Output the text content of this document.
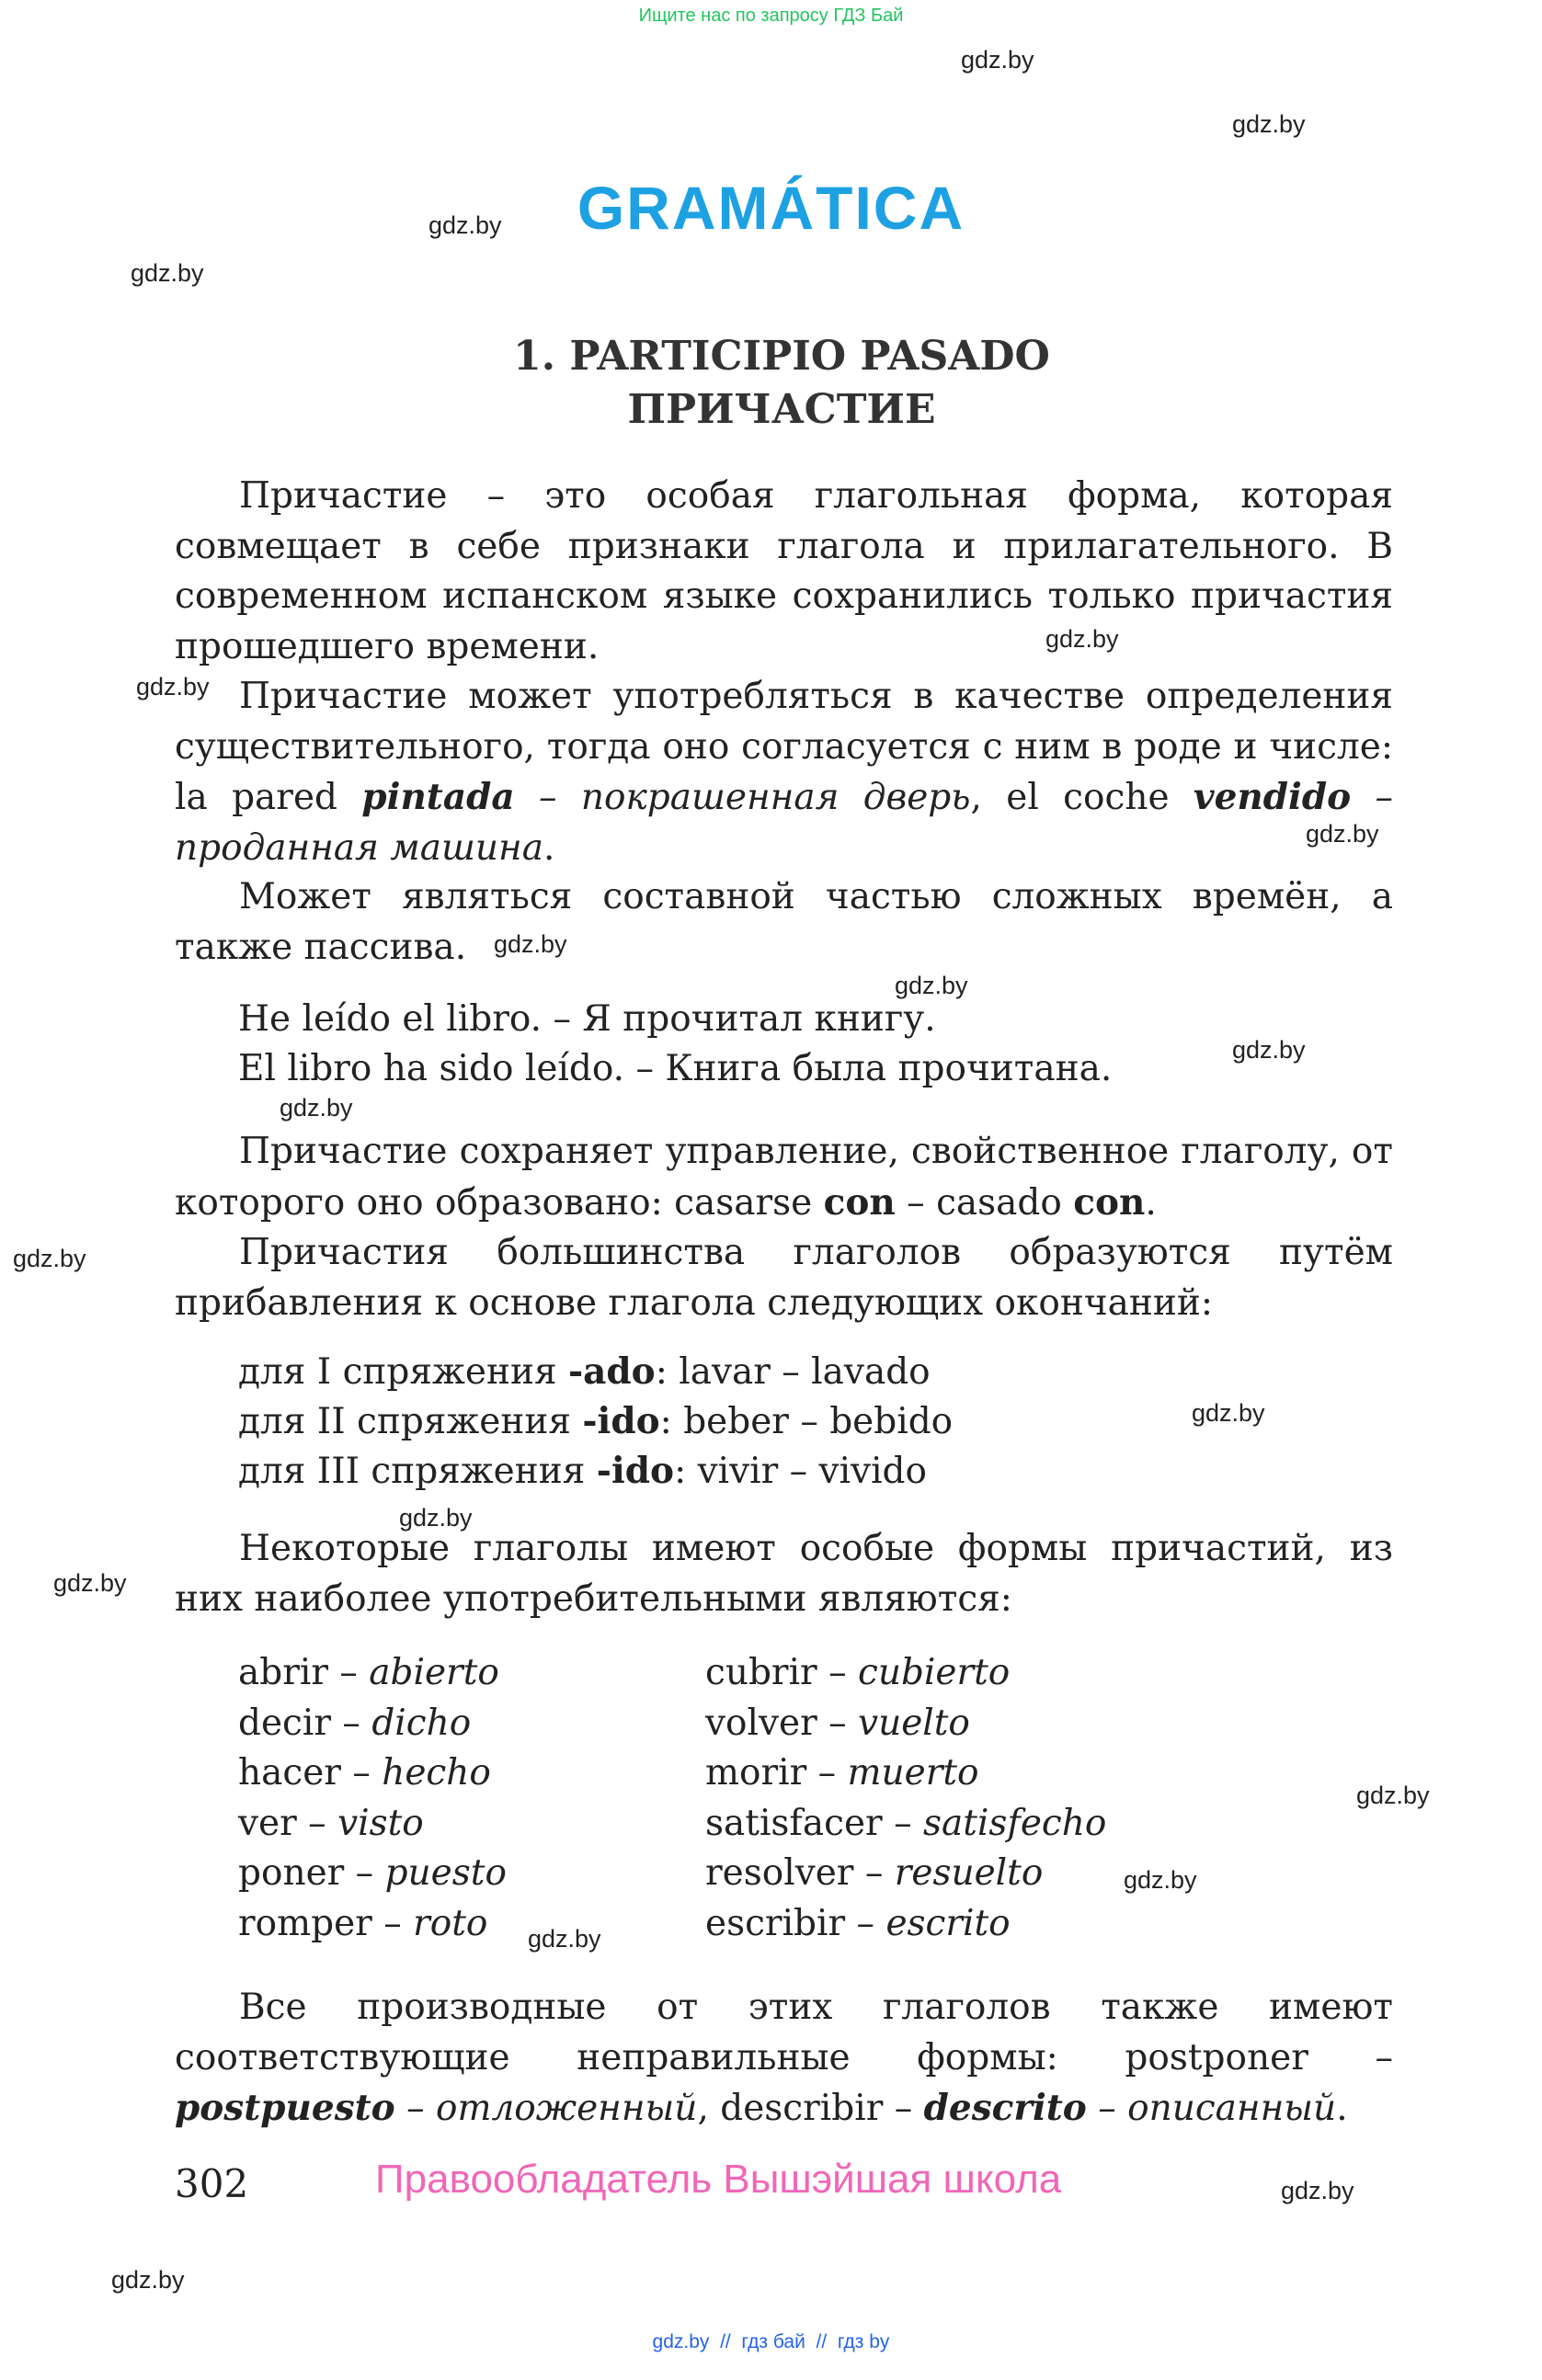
Ищите нас по запросу ГДЗ Бай
gdz.by
gdz.by
gdz.by
gdz.by
gdz.by
gdz.by
gdz.by
gdz.by
gdz.by
gdz.by
gdz.by
gdz.by
gdz.by
gdz.by
gdz.by
gdz.by
gdz.by
gdz.by
gdz.by
gdz.by
GRAMÁTICA
1. PARTICIPIO PASADO
ПРИЧАСТИЕ

Причастие – это особая глагольная форма, которая совмещает в себе признаки глагола и прилагательного. В современном испанском языке сохранились только причастия прошедшего времени.

Причастие может употребляться в качестве определения существительного, тогда оно согласуется с ним в роде и числе: la pared pintada – покрашенная дверь, el coche vendido – проданная машина.

Может являться составной частью сложных времён, а также пассива.

He leído el libro. – Я прочитал книгу.
El libro ha sido leído. – Книга была прочитана.

Причастие сохраняет управление, свойственное глаголу, от которого оно образовано: casarse con – casado con.

Причастия большинства глаголов образуются путём прибавления к основе глагола следующих окончаний:

для I спряжения -ado: lavar – lavado
для II спряжения -ido: beber – bebido
для III спряжения -ido: vivir – vivido

Некоторые глаголы имеют особые формы причастий, из них наиболее употребительными являются:

abrir – abierto
decir – dicho
hacer – hecho
ver – visto
poner – puesto
romper – roto
cubrir – cubierto
volver – vuelto
morir – muerto
satisfacer – satisfecho
resolver – resuelto
escribir – escrito

Все производные от этих глаголов также имеют соответствующие неправильные формы: postponer – postpuesto – отложенный, describir – descrito – описанный.

302	Правообладатель Вышэйшая школа
gdz.by  //  гдз бай  //  гдз by
